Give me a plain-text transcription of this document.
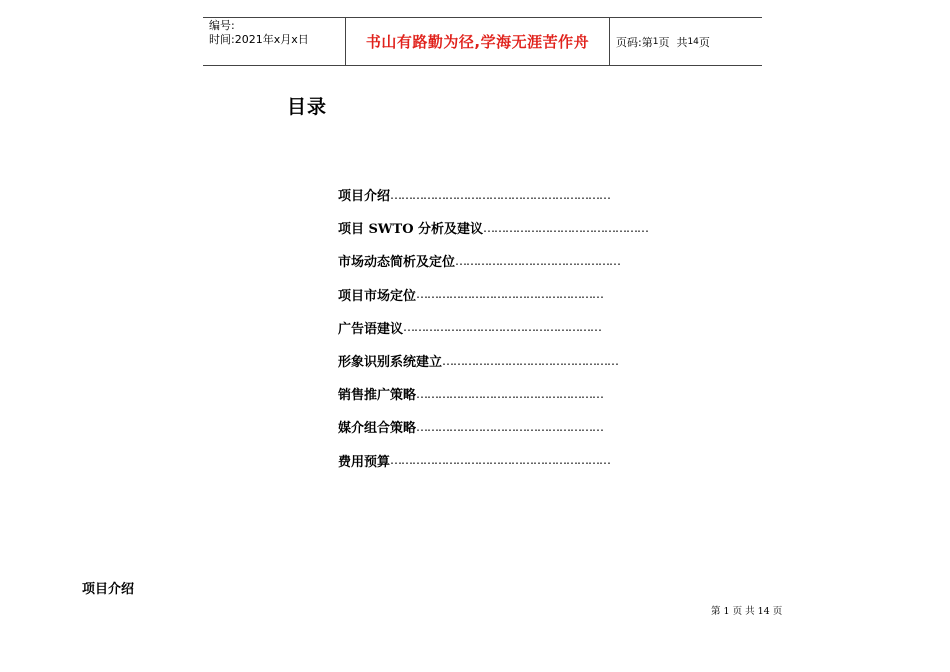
编号:
时间:2021年x月x日	书山有路勤为径,学海无涯苦作舟	页码:第 1 页  共 14 页
目录
项目介绍 ……………………………………………………
项目 SWTO 分析及建议 ………………………………………
市场动态简析及定位 ………………………………………
项目市场定位 ……………………………………………
广告语建议 ………………………………………………
形象识别系统建立 …………………………………………
销售推广策略 ……………………………………………
媒介组合策略 ……………………………………………
费用预算 ……………………………………………………
项目介绍
第 1 页 共 14 页
